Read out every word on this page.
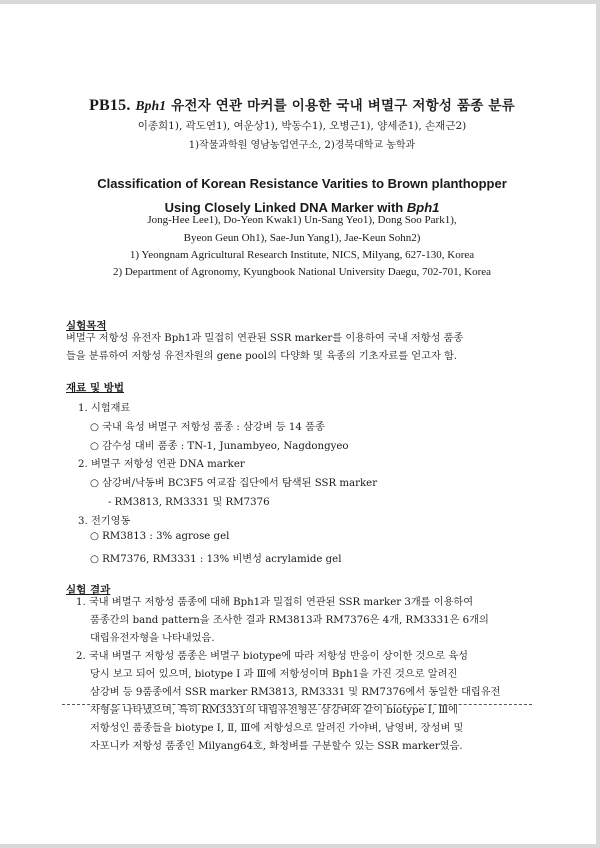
PB15. Bph1 유전자 연관 마커를 이용한 국내 벼멸구 저항성 품종 분류
이종희1), 곽도연1), 여운상1), 박동수1), 오병근1), 양세준1), 손재근2)
1)작물과학원 영남농업연구소, 2)경북대학교 농학과
Classification of Korean Resistance Varities to Brown planthopper
Using Closely Linked DNA Marker with Bph1
Jong-Hee Lee1), Do-Yeon Kwak1) Un-Sang Yeo1), Dong Soo Park1),
Byeon Geun Oh1), Sae-Jun Yang1), Jae-Keun Sohn2)
1) Yeongnam Agricultural Research Institute, NICS, Milyang, 627-130, Korea
2) Department of Agronomy, Kyungbook National University Daegu, 702-701, Korea
실험목적
벼멸구 저항성 유전자 Bph1과 밀접히 연관된 SSR marker를 이용하여 국내 저항성 품종
들을 분류하여 저항성 유전자원의 gene pool의 다양화 및 육종의 기초자료를 얻고자 함.
재료 및 방법
1. 시험재료
○ 국내 육성 벼멸구 저항성 품종 : 삼강벼 등 14 품종
○ 감수성 대비 품종 : TN-1, Junambyeo, Nagdongyeo
2. 벼멸구 저항성 연관 DNA marker
○ 삼강벼/낙동벼 BC3F5 여교잡 집단에서 탐색된 SSR marker
- RM3813, RM3331 및 RM7376
3. 전기영동
○ RM3813 : 3% agrose gel
○ RM7376, RM3331 : 13% 비변성 acrylamide gel
실험 결과
1. 국내 벼멸구 저항성 품종에 대해 Bph1과 밀접히 연관된 SSR marker 3개를 이용하여
품종간의 band pattern을 조사한 결과 RM3813과 RM7376은 4개, RM3331은 6개의
대립유전자형을 나타내었음.
2. 국내 벼멸구 저항성 품종은 벼멸구 biotype에 따라 저항성 반응이 상이한 것으로 육성
당시 보고 되어 있으며, biotype I 과 Ⅲ에 저항성이며 Bph1을 가진 것으로 알려진
삼강벼 등 9품종에서 SSR marker RM3813, RM3331 및 RM7376에서 동일한 대립유전
자형을 나타냈으며, 특히 RM3331의 대립유전형은 삼강벼와 같이 biotype I, Ⅲ에
저항성인 품종들을 biotype Ⅰ, Ⅱ, Ⅲ에 저항성으로 알려진 가야벼, 남영벼, 장성벼 및
자포니카 저항성 품종인 Milyang64호, 화청벼를 구분할수 있는 SSR marker였음.
